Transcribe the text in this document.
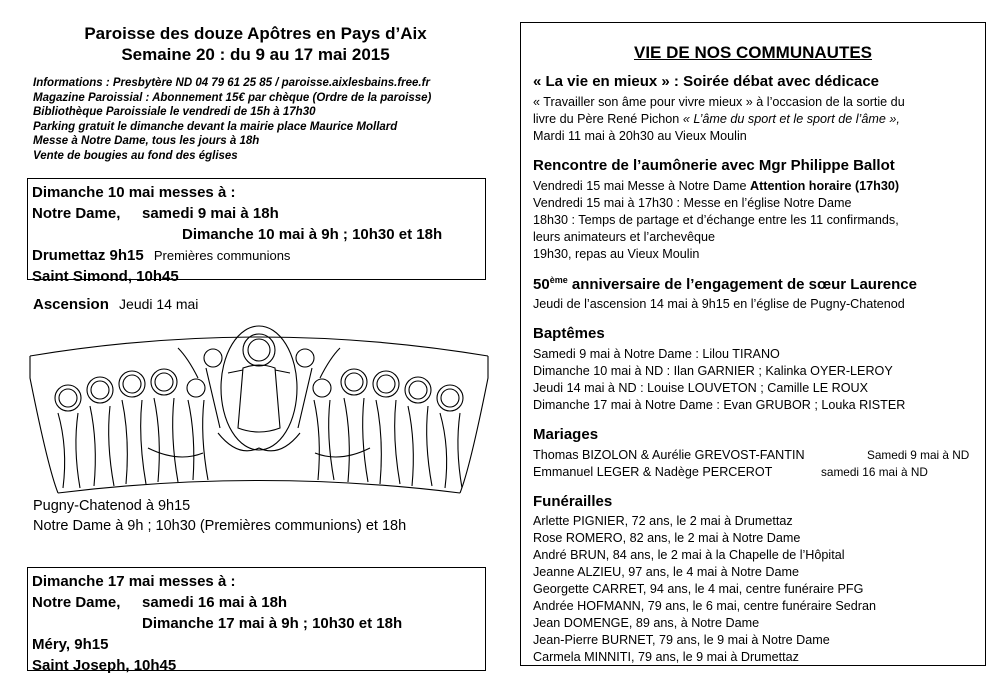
Paroisse des douze Apôtres en Pays d’Aix
Semaine 20 : du 9 au 17 mai 2015
Informations : Presbytère ND 04 79 61 25 85 / paroisse.aixlesbains.free.fr
Magazine Paroissial : Abonnement 15€ par chèque (Ordre de la paroisse)
Bibliothèque Paroissiale le vendredi de 15h à 17h30
Parking gratuit le dimanche devant la mairie place Maurice Mollard
Messe à Notre Dame, tous les jours à 18h
Vente de bougies au fond des églises
Dimanche 10 mai messes à :
Notre Dame, samedi 9 mai à 18h
Dimanche 10 mai à 9h ; 10h30 et 18h
Drumettaz 9h15 Premières communions
Saint Simond, 10h45
Ascension Jeudi 14 mai
Pugny-Chatenod à 9h15
Notre Dame à 9h ; 10h30 (Premières communions) et 18h
Dimanche 17 mai messes à :
Notre Dame, samedi 16 mai à 18h
Dimanche 17 mai à 9h ; 10h30 et 18h
Méry, 9h15
Saint Joseph, 10h45
VIE DE NOS COMMUNAUTES
« La vie en mieux » : Soirée débat avec dédicace
« Travailler son âme pour vivre mieux » à l’occasion de la sortie du
livre du Père René Pichon « L’âme du sport et le sport de l’âme »,
Mardi 11 mai à 20h30 au Vieux Moulin
Rencontre de l’aumônerie avec Mgr Philippe Ballot
Vendredi 15 mai Messe à Notre Dame Attention horaire (17h30)
Vendredi 15 mai à 17h30 : Messe en l’église Notre Dame
18h30 : Temps de partage et d’échange entre les 11 confirmands,
leurs animateurs et l’archevêque
19h30, repas au Vieux Moulin
50ème anniversaire de l’engagement de sœur Laurence
Jeudi de l’ascension 14 mai à 9h15 en l’église de Pugny-Chatenod
Baptêmes
Samedi 9 mai à Notre Dame : Lilou TIRANO
Dimanche 10 mai à ND : Ilan GARNIER ; Kalinka OYER-LEROY
Jeudi 14 mai à ND : Louise LOUVETON ; Camille LE ROUX
Dimanche 17 mai à Notre Dame : Evan GRUBOR ; Louka RISTER
Mariages
Thomas BIZOLON & Aurélie GREVOST-FANTIN	Samedi 9 mai à ND
Emmanuel LEGER & Nadège PERCEROT	samedi 16 mai à ND
Funérailles
Arlette PIGNIER, 72 ans, le 2 mai à Drumettaz
Rose ROMERO, 82 ans, le 2 mai à Notre Dame
André BRUN, 84 ans, le 2 mai à la Chapelle de l’Hôpital
Jeanne ALZIEU, 97 ans, le 4 mai à Notre Dame
Georgette CARRET, 94 ans, le 4 mai, centre funéraire PFG
Andrée HOFMANN, 79 ans, le 6 mai, centre funéraire Sedran
Jean DOMENGE, 89 ans, à Notre Dame
Jean-Pierre BURNET, 79 ans, le 9 mai à Notre Dame
Carmela MINNITI, 79 ans, le 9 mai à Drumettaz
